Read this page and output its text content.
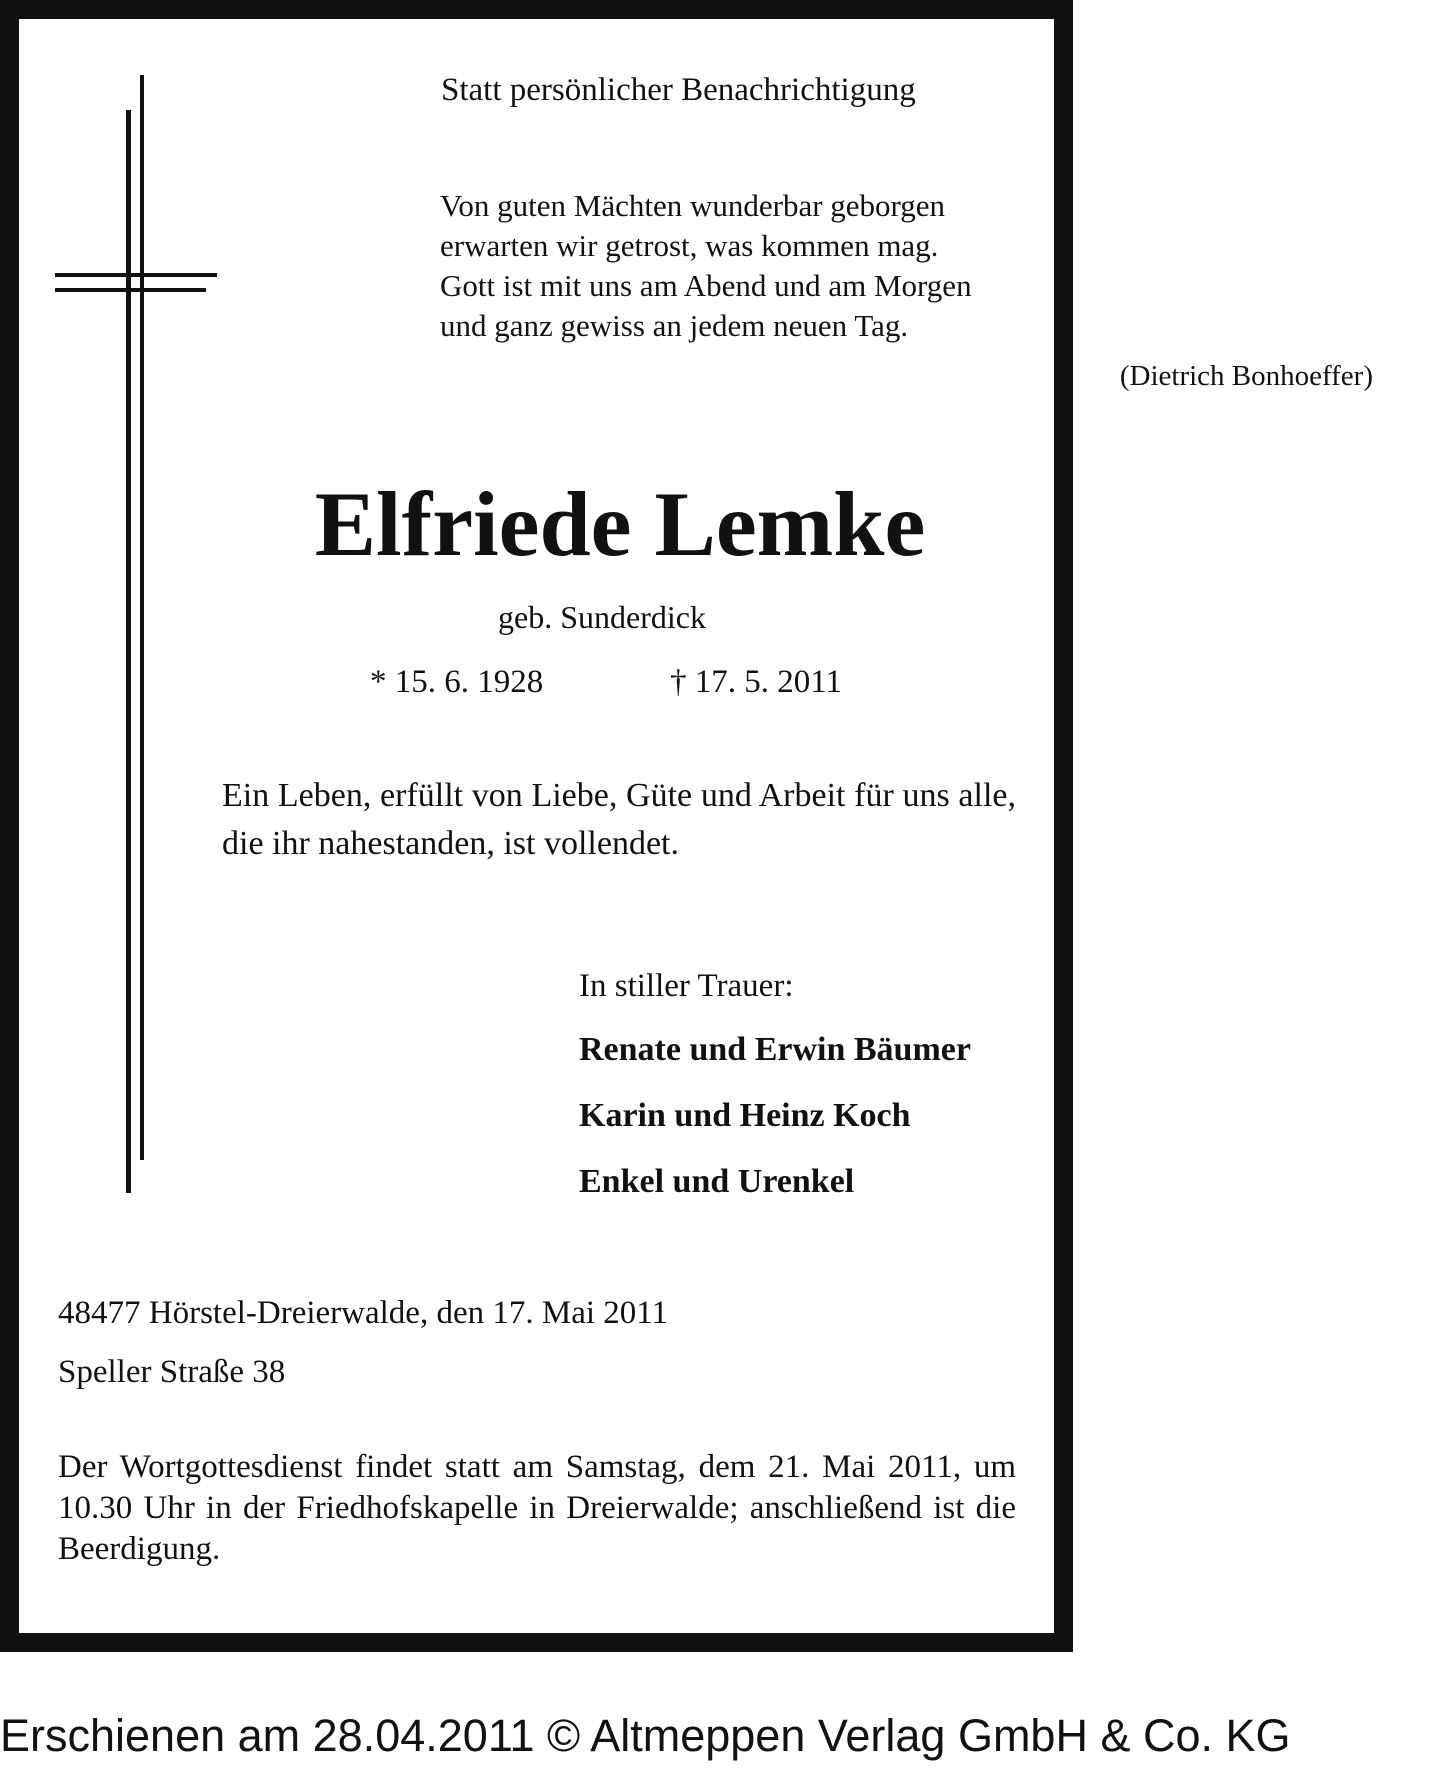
Statt persönlicher Benachrichtigung

Von guten Mächten wunderbar geborgen
erwarten wir getrost, was kommen mag.
Gott ist mit uns am Abend und am Morgen
und ganz gewiss an jedem neuen Tag.

(Dietrich Bonhoeffer)

Elfriede Lemke

geb. Sunderdick

* 15. 6. 1928	† 17. 5. 2011

Ein Leben, erfüllt von Liebe, Güte und Arbeit für uns alle, die ihr nahestanden, ist vollendet.

In stiller Trauer:

Renate und Erwin Bäumer

Karin und Heinz Koch

Enkel und Urenkel

48477 Hörstel-Dreierwalde, den 17. Mai 2011

Speller Straße 38

Der Wortgottesdienst findet statt am Samstag, dem 21. Mai 2011, um 10.30 Uhr in der Friedhofskapelle in Dreierwalde; anschließend ist die Beerdigung.

Erschienen am 28.04.2011 © Altmeppen Verlag GmbH & Co. KG
